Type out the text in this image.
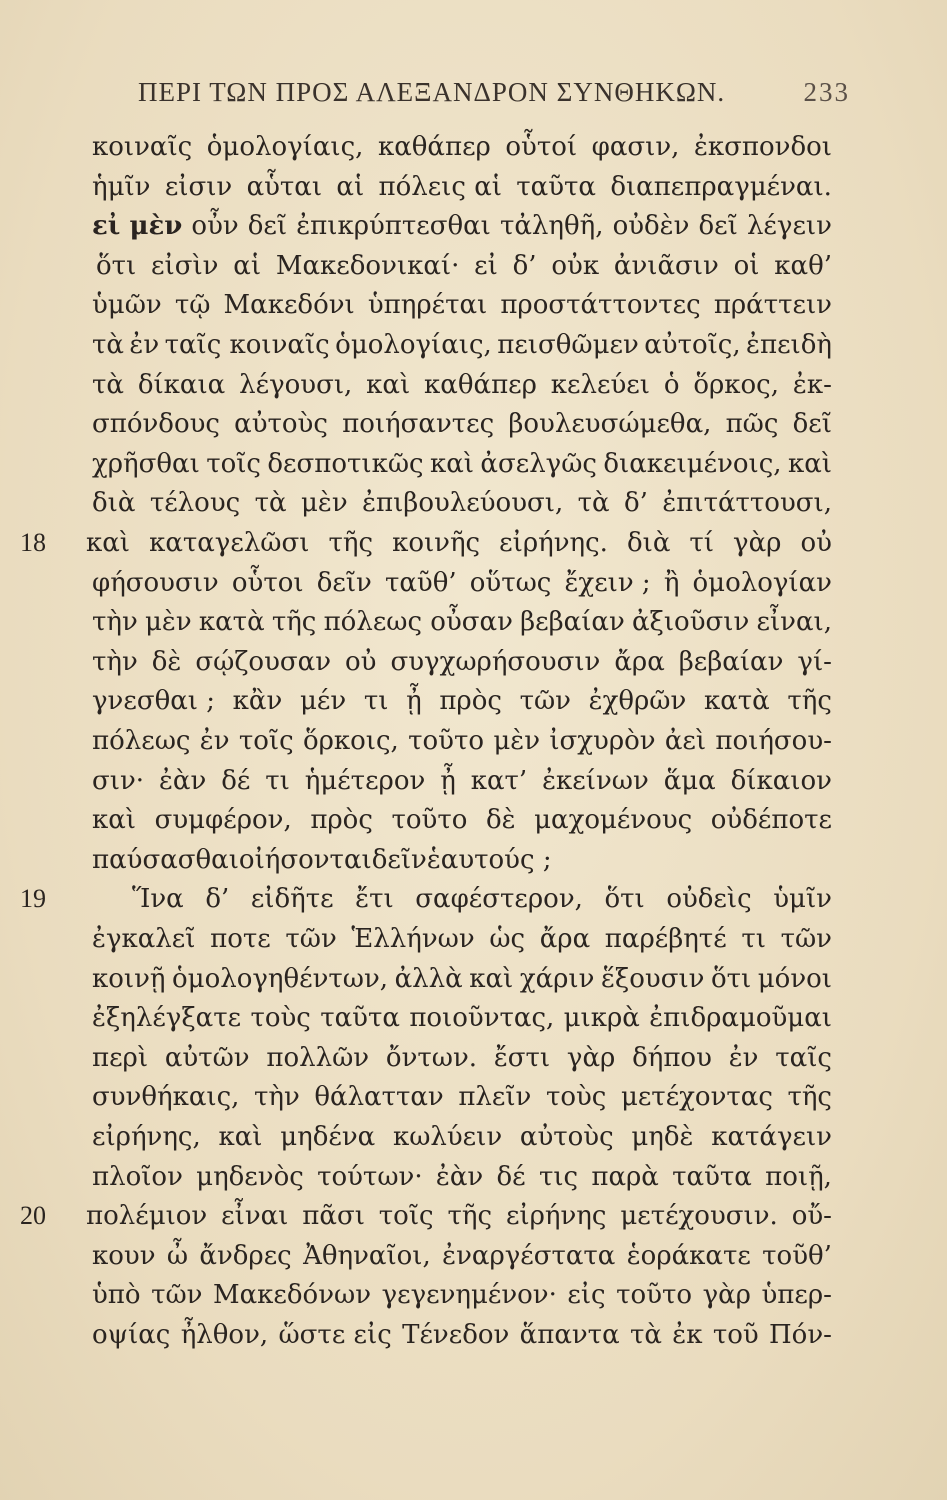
ΠΕΡΙ ΤΩΝ ΠΡΟΣ ΑΛΕΞΑΝΔΡΟΝ ΣΥΝΘΗΚΩΝ.	233
18
19
20
κοιναῖς ὁμολογίαις, καθάπερ οὗτοί φασιν, ἐκσπονδοι
ἡμῖν εἰσιν αὗται αἱ πόλεις αἱ ταῦτα διαπεπραγμέναι.
εἰ μὲν οὖν δεῖ ἐπικρύπτεσθαι τἀληθῆ, οὐδὲν δεῖ λέγειν
ὅτι εἰσὶν αἱ Μακεδονικαί· εἰ δ’ οὐκ ἀνιᾶσιν οἱ καθ’
ὑμῶν τῷ Μακεδόνι ὑπηρέται προστάττοντες πράττειν
τὰ ἐν ταῖς κοιναῖς ὁμολογίαις, πεισθῶμεν αὐτοῖς, ἐπειδὴ
τὰ δίκαια λέγουσι, καὶ καθάπερ κελεύει ὁ ὅρκος, ἐκ-
σπόνδους αὐτοὺς ποιήσαντες βουλευσώμεθα, πῶς δεῖ
χρῆσθαι τοῖς δεσποτικῶς καὶ ἀσελγῶς διακειμένοις, καὶ
διὰ τέλους τὰ μὲν ἐπιβουλεύουσι, τὰ δ’ ἐπιτάττουσι,
καὶ καταγελῶσι τῆς κοινῆς εἰρήνης. διὰ τί γὰρ οὐ
φήσουσιν οὗτοι δεῖν ταῦθ’ οὕτως ἔχειν ; ἢ ὁμολογίαν
τὴν μὲν κατὰ τῆς πόλεως οὖσαν βεβαίαν ἀξιοῦσιν εἶναι,
τὴν δὲ σῴζουσαν οὐ συγχωρήσουσιν ἄρα βεβαίαν γί-
γνεσθαι ; κἂν μέν τι ᾖ πρὸς τῶν ἐχθρῶν κατὰ τῆς
πόλεως ἐν τοῖς ὅρκοις, τοῦτο μὲν ἰσχυρὸν ἀεὶ ποιήσου-
σιν· ἐὰν δέ τι ἡμέτερον ᾖ κατ’ ἐκείνων ἅμα δίκαιον
καὶ συμφέρον, πρὸς τοῦτο δὲ μαχομένους οὐδέποτε
παύσασθαι οἰήσονται δεῖν ἑαυτούς ;
Ἵνα δ’ εἰδῆτε ἔτι σαφέστερον, ὅτι οὐδεὶς ὑμῖν
ἐγκαλεῖ ποτε τῶν Ἑλλήνων ὡς ἄρα παρέβητέ τι τῶν
κοινῇ ὁμολογηθέντων, ἀλλὰ καὶ χάριν ἕξουσιν ὅτι μόνοι
ἐξηλέγξατε τοὺς ταῦτα ποιοῦντας, μικρὰ ἐπιδραμοῦμαι
περὶ αὐτῶν πολλῶν ὄντων. ἔστι γὰρ δήπου ἐν ταῖς
συνθήκαις, τὴν θάλατταν πλεῖν τοὺς μετέχοντας τῆς
εἰρήνης, καὶ μηδένα κωλύειν αὐτοὺς μηδὲ κατάγειν
πλοῖον μηδενὸς τούτων· ἐὰν δέ τις παρὰ ταῦτα ποιῇ,
πολέμιον εἶναι πᾶσι τοῖς τῆς εἰρήνης μετέχουσιν. οὔ-
κουν ὦ ἄνδρες Ἀθηναῖοι, ἐναργέστατα ἑοράκατε τοῦθ’
ὑπὸ τῶν Μακεδόνων γεγενημένον· εἰς τοῦτο γὰρ ὑπερ-
οψίας ἦλθον, ὥστε εἰς Τένεδον ἅπαντα τὰ ἐκ τοῦ Πόν-
